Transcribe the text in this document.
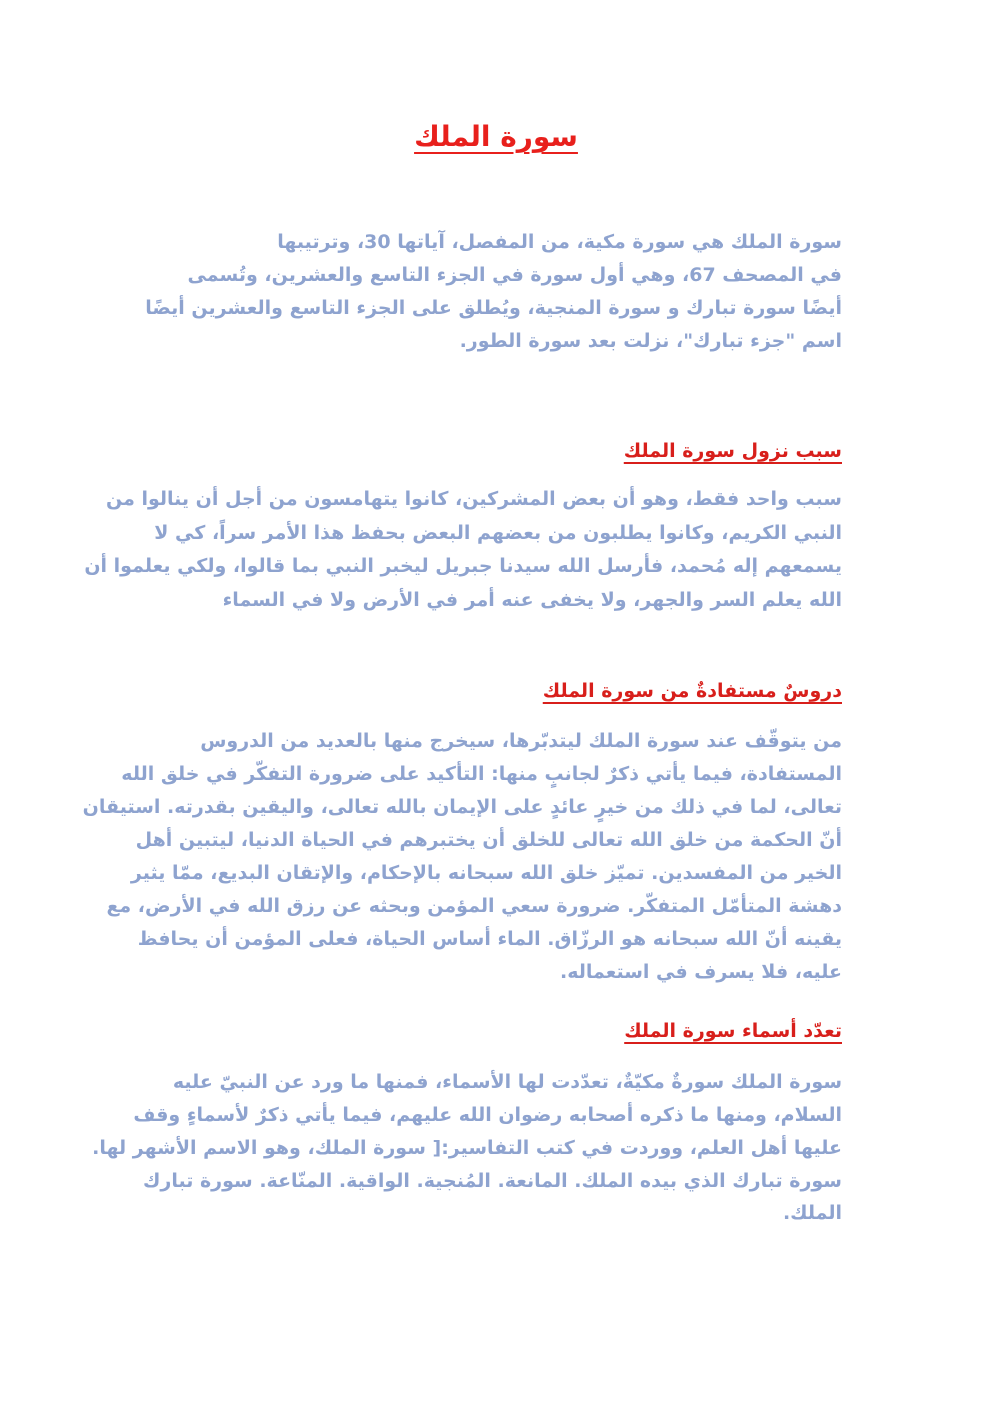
سورة الملك
سورة الملك هي سورة مكية، من المفصل، آياتها 30، وترتيبها
في المصحف 67، وهي أول سورة في الجزء التاسع والعشرين، وتُسمى
أيضًا سورة تبارك و سورة المنجية، ويُطلق على الجزء التاسع والعشرين أيضًا
اسم "جزء تبارك"، نزلت بعد سورة الطور.
سبب نزول سورة الملك
سبب واحد فقط، وهو أن بعض المشركين، كانوا يتهامسون من أجل أن ينالوا من
النبي الكريم، وكانوا يطلبون من بعضهم البعض بحفظ هذا الأمر سراً، كي لا
يسمعهم إله مُحمد، فأرسل الله سيدنا جبريل ليخبر النبي بما قالوا، ولكي يعلموا أن
الله يعلم السر والجهر، ولا يخفى عنه أمر في الأرض ولا في السماء
دروسٌ مستفادةٌ من سورة الملك
من يتوقّف عند سورة الملك ليتدبّرها، سيخرج منها بالعديد من الدروس
المستفادة، فيما يأتي ذكرٌ لجانبٍ منها: التأكيد على ضرورة التفكّر في خلق الله
تعالى، لما في ذلك من خيرٍ عائدٍ على الإيمان بالله تعالى، واليقين بقدرته. استيقان
أنّ الحكمة من خلق الله تعالى للخلق أن يختبرهم في الحياة الدنيا، ليتبين أهل
الخير من المفسدين. تميّز خلق الله سبحانه بالإحكام، والإتقان البديع، ممّا يثير
دهشة المتأمّل المتفكّر. ضرورة سعي المؤمن وبحثه عن رزق الله في الأرض، مع
يقينه أنّ الله سبحانه هو الرزّاق. الماء أساس الحياة، فعلى المؤمن أن يحافظ
عليه، فلا يسرف في استعماله.
تعدّد أسماء سورة الملك
سورة الملك سورةٌ مكيّةٌ، تعدّدت لها الأسماء، فمنها ما ورد عن النبيّ عليه
السلام، ومنها ما ذكره أصحابه رضوان الله عليهم، فيما يأتي ذكرٌ لأسماءٍ وقف
عليها أهل العلم، ووردت في كتب التفاسير:[ سورة الملك، وهو الاسم الأشهر لها.
سورة تبارك الذي بيده الملك. المانعة. المُنجية. الواقية. المنّاعة. سورة تبارك
الملك.
